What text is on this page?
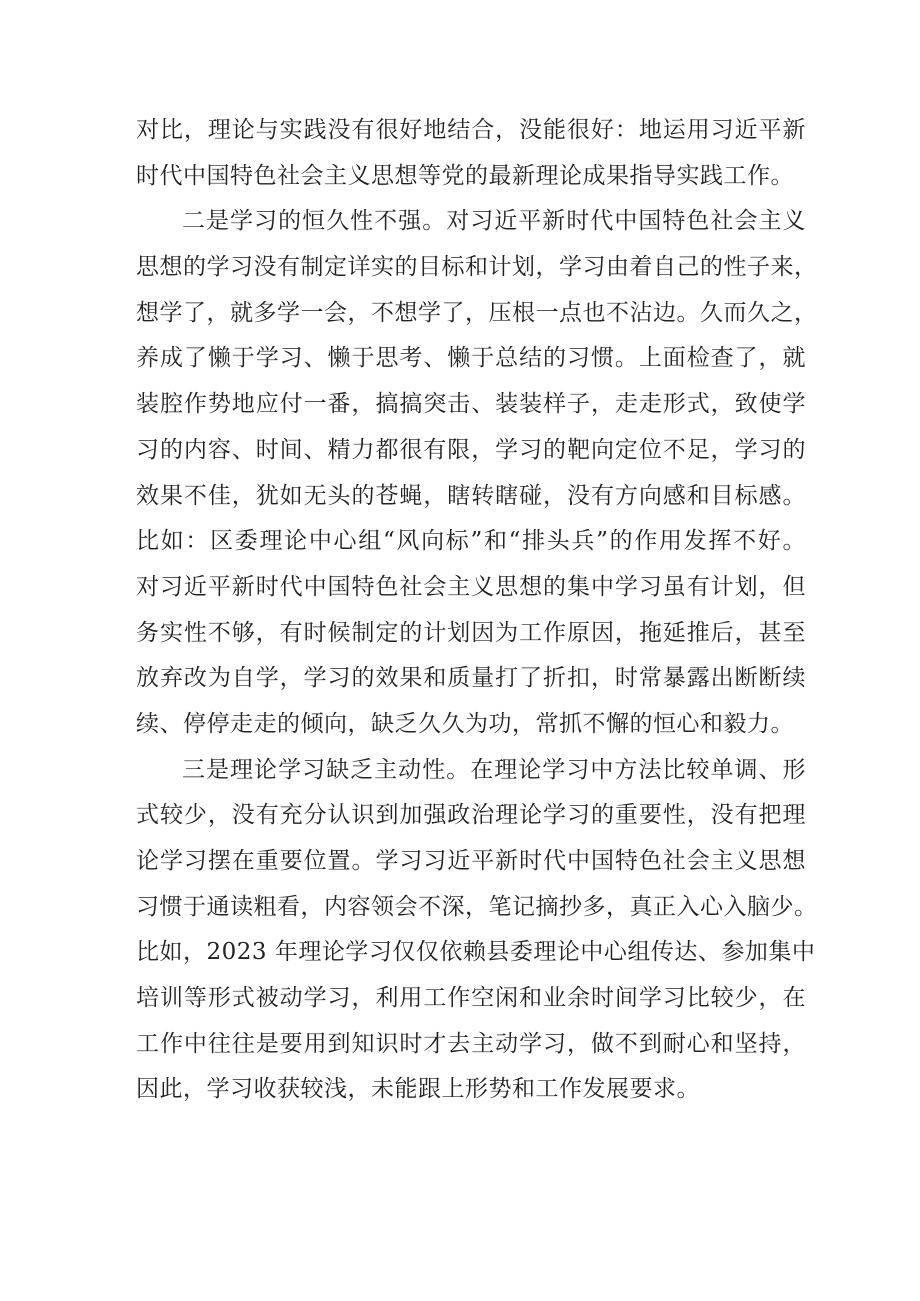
对比，理论与实践没有很好地结合，没能很好：地运用习近平新
时代中国特色社会主义思想等党的最新理论成果指导实践工作。
二是学习的恒久性不强。对习近平新时代中国特色社会主义
思想的学习没有制定详实的目标和计划，学习由着自己的性子来，
想学了，就多学一会，不想学了，压根一点也不沾边。久而久之，
养成了懒于学习、懒于思考、懒于总结的习惯。上面检查了，就
装腔作势地应付一番，搞搞突击、装装样子，走走形式，致使学
习的内容、时间、精力都很有限，学习的靶向定位不足，学习的
效果不佳，犹如无头的苍蝇，瞎转瞎碰，没有方向感和目标感。
比如：区委理论中心组“风向标”和“排头兵”的作用发挥不好。
对习近平新时代中国特色社会主义思想的集中学习虽有计划，但
务实性不够，有时候制定的计划因为工作原因，拖延推后，甚至
放弃改为自学，学习的效果和质量打了折扣，时常暴露出断断续
续、停停走走的倾向，缺乏久久为功，常抓不懈的恒心和毅力。
三是理论学习缺乏主动性。在理论学习中方法比较单调、形
式较少，没有充分认识到加强政治理论学习的重要性，没有把理
论学习摆在重要位置。学习习近平新时代中国特色社会主义思想
习惯于通读粗看，内容领会不深，笔记摘抄多，真正入心入脑少。
比如，2023 年理论学习仅仅依赖县委理论中心组传达、参加集中
培训等形式被动学习，利用工作空闲和业余时间学习比较少，在
工作中往往是要用到知识时才去主动学习，做不到耐心和坚持，
因此，学习收获较浅，未能跟上形势和工作发展要求。
